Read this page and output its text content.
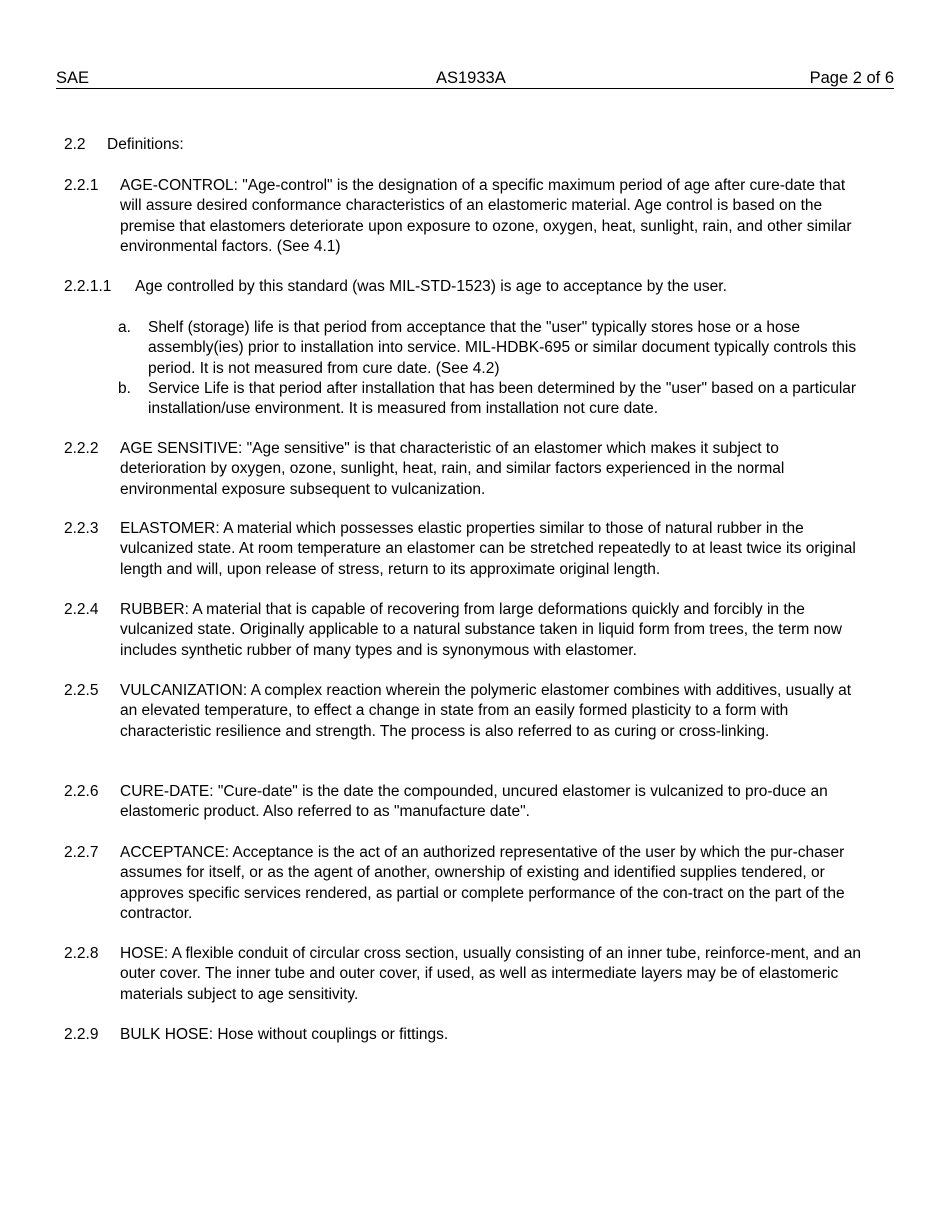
SAE	AS1933A	Page 2 of 6
2.2 Definitions:
2.2.1 AGE-CONTROL: "Age-control" is the designation of a specific maximum period of age after cure-date that will assure desired conformance characteristics of an elastomeric material. Age control is based on the premise that elastomers deteriorate upon exposure to ozone, oxygen, heat, sunlight, rain, and other similar environmental factors. (See 4.1)
2.2.1.1 Age controlled by this standard (was MIL-STD-1523) is age to acceptance by the user.
a. Shelf (storage) life is that period from acceptance that the "user" typically stores hose or a hose assembly(ies) prior to installation into service. MIL-HDBK-695 or similar document typically controls this period. It is not measured from cure date. (See 4.2)
b. Service Life is that period after installation that has been determined by the "user" based on a particular installation/use environment. It is measured from installation not cure date.
2.2.2 AGE SENSITIVE: "Age sensitive" is that characteristic of an elastomer which makes it subject to deterioration by oxygen, ozone, sunlight, heat, rain, and similar factors experienced in the normal environmental exposure subsequent to vulcanization.
2.2.3 ELASTOMER: A material which possesses elastic properties similar to those of natural rubber in the vulcanized state. At room temperature an elastomer can be stretched repeatedly to at least twice its original length and will, upon release of stress, return to its approximate original length.
2.2.4 RUBBER: A material that is capable of recovering from large deformations quickly and forcibly in the vulcanized state. Originally applicable to a natural substance taken in liquid form from trees, the term now includes synthetic rubber of many types and is synonymous with elastomer.
2.2.5 VULCANIZATION: A complex reaction wherein the polymeric elastomer combines with additives, usually at an elevated temperature, to effect a change in state from an easily formed plasticity to a form with characteristic resilience and strength. The process is also referred to as curing or cross-linking.
2.2.6 CURE-DATE: "Cure-date" is the date the compounded, uncured elastomer is vulcanized to pro-duce an elastomeric product. Also referred to as "manufacture date".
2.2.7 ACCEPTANCE: Acceptance is the act of an authorized representative of the user by which the pur-chaser assumes for itself, or as the agent of another, ownership of existing and identified supplies tendered, or approves specific services rendered, as partial or complete performance of the con-tract on the part of the contractor.
2.2.8 HOSE: A flexible conduit of circular cross section, usually consisting of an inner tube, reinforce-ment, and an outer cover. The inner tube and outer cover, if used, as well as intermediate layers may be of elastomeric materials subject to age sensitivity.
2.2.9 BULK HOSE: Hose without couplings or fittings.
